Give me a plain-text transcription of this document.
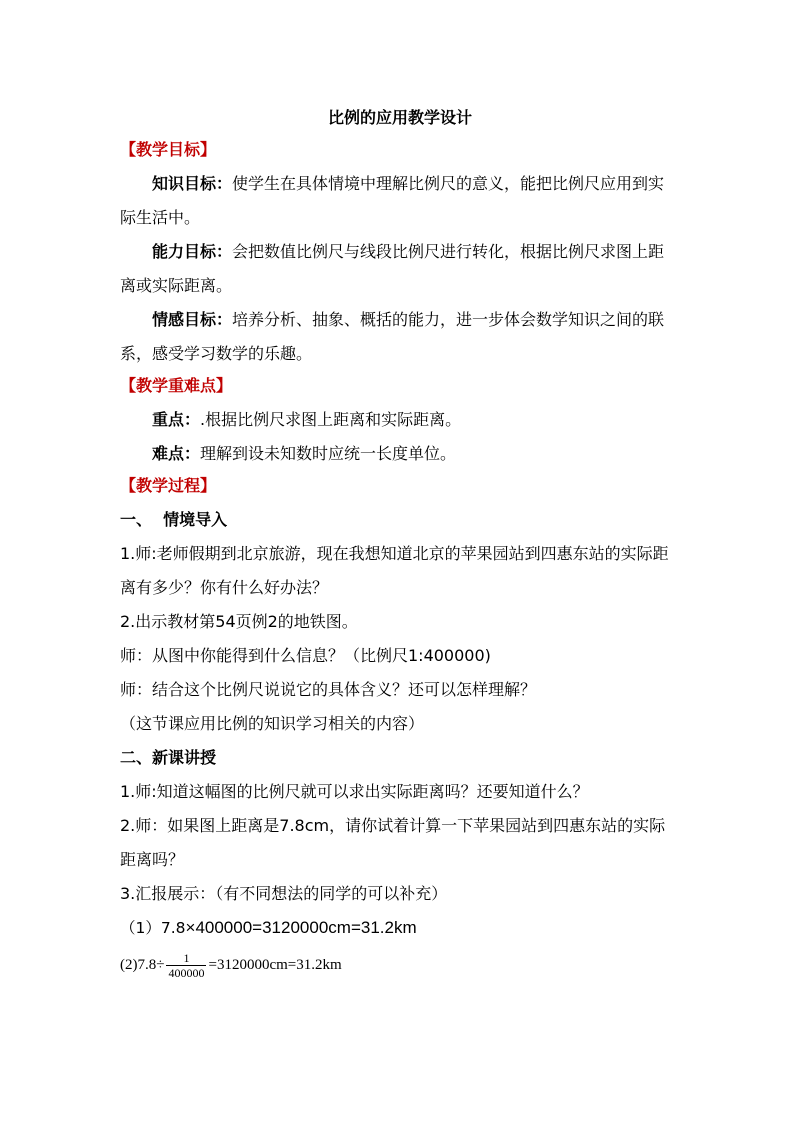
比例的应用教学设计
【教学目标】
知识目标：使学生在具体情境中理解比例尺的意义，能把比例尺应用到实际生活中。
能力目标：会把数值比例尺与线段比例尺进行转化，根据比例尺求图上距离或实际距离。
情感目标：培养分析、抽象、概括的能力，进一步体会数学知识之间的联系，感受学习数学的乐趣。
【教学重难点】
重点：.根据比例尺求图上距离和实际距离。
难点：理解到设未知数时应统一长度单位。
【教学过程】
一、  情境导入
1.师:老师假期到北京旅游，现在我想知道北京的苹果园站到四惠东站的实际距离有多少？你有什么好办法？
2.出示教材第54页例2的地铁图。
师：从图中你能得到什么信息？（比例尺1:400000)
师：结合这个比例尺说说它的具体含义？还可以怎样理解？
（这节课应用比例的知识学习相关的内容）
二、新课讲授
1.师:知道这幅图的比例尺就可以求出实际距离吗？还要知道什么？
2.师：如果图上距离是7.8cm，请你试着计算一下苹果园站到四惠东站的实际距离吗？
3.汇报展示：（有不同想法的同学的可以补充）
（1）7.8×400000=3120000cm=31.2km
$(2)7.8\div \frac{1}{400000} =3120000cm=31.2km$
